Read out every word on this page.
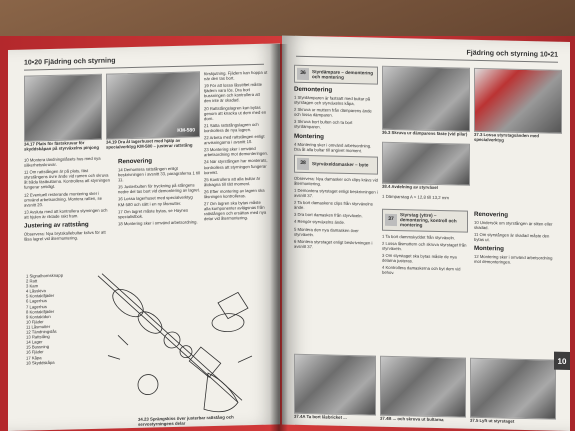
10•20 Fjädring och styrning
34.17 Plats för fästskruvar för skyddskåpan på styrväxelns pinjong
KM-580
34.19 Dra åt lagerhuset med hjälp av specialverktyg KM-580 – justerar rattstång

10 Montera tändningslåsets hus med nya säkerhetsskruvar.

11 Om rattstången är på plats, fäst styrstångens övre ände vid ramen och skruva åt båda fästbultarna. Kontrollera att styrningen fungerar smidigt.

12 Eventuell resterande montering sker i omvänd arbetsordning. Montera ratten, se avsnitt 20.

13 Avsluta med att kontrollera styrningen och att hjulen är riktade rakt fram.

Justering av rattstång

Observera: Nya brytskallebultar krävs för att låsa lagret vid återmontering.

Renovering

14 Demontera rattstången enligt beskrivningen i avsnitt 33, paragraferna 1 till 11.

15 Justerbulten för tryckning på stångens nedre del tas bort vid demontering av lagret.

16 Lossa lagerhuset med specialverktyg KM-580 och sätt i en ny låsmutter.

17 Om lagret måste bytas, se Haynes specialistbok.

18 Montering sker i omvänd arbetsordning.

förskjutning. Fjädern kan hoppa ut när den tas bort.

19 För att lossa låsstiftet måste fjädern vara lös. Dra bort bussningen och kontrollera att den inte är skadad.

20 Rattstångslagren kan bytas genom att knacka ut dem med en dorn.

21 Sätta rattstångslagren och kontrollera de nya lagren.

22 Arbeta med rattstången enligt anvisningarna i avsnitt 10.

23 Montering sker i omvänd arbetsordning mot demonteringen.

24 När styrstången har monterats, kontrollera att styrningen fungerar korrekt.

25 Kontrollera att alla bultar är åtdragna till rätt moment.

26 Efter montering av lagren ska låsningen kontrolleras.

27 Om lagren ska bytas måste alla komponenter avlägsnas från rattstången och ersättas med nya delar vid återmontering.

1 Signalhornsknapp
2 Ratt
3 Kam
4 Låsskiva
5 Kontaktfjäder
6 Lagerhus
7 Lagerhus
8 Kontaktfjäder
9 Kontaktdon
10 Fjäder
11 Låsmutter
12 Tändningslås
13 Rattstång
14 Lager
15 Bussning
16 Fjäder
17 Kåpa
18 Skyddskåpa
34.23 Sprängskiss över justerbar rattstång och servostyrningens delar
Fjädring och styrning 10•21
36	Styrdämpare – demontering och montering
Demontering

1 Styrdämparen är fastsatt med bultar på styrstagen och styrväxelns kåpa.

2 Skruva ur muttern från dämparens ände och lossa dämparen.

3 Skruva bort bulten och ta bort styrdämparen.

Montering

4 Montering sker i omvänd arbetsordning. Dra åt alla bultar till angivet moment.

38	Styrväxeldamasker – byte

Observera: Nya damasker och clips krävs vid återmontering.

1 Demontera styrstaget enligt beskrivningen i avsnitt 37.

2 Ta bort damaskens clips från styrväxelns ände.

3 Dra bort damasken från styrväxeln.

4 Rengör styrväxelns ände.

5 Montera den nya damasken över styrväxeln.

6 Montera styrstaget enligt beskrivningen i avsnitt 37.

36.3 Skruva ur dämparens fäste (vid pilar)	37.3 Lossa styrstagsänden med specialverktyg
38.4 Avdelning av styrväxel
1 Dämparstag A = 12,8 till 13,2 mm
37
Styrstag (yttre) – demontering, kontroll och montering

1 Ta bort dammskyddet från styrväxeln.

2 Lossa låsmuttern och skruva styrstaget från styrväxeln.

3 Om styrstaget ska bytas måste de nya delarna justeras.

4 Kontrollera damaskerna och byt dem vid behov.

Renovering

10 Undersök om styrstången är sliten eller skadad.

11 Om styrstången är skadad måste den bytas ut.

Montering

12 Montering sker i omvänd arbetsordning mot demonteringen.

37.4A Ta bort låsbricket ...	37.4B ... och skruva ut bultarna	37.5 Lyft ut styrstaget
10
